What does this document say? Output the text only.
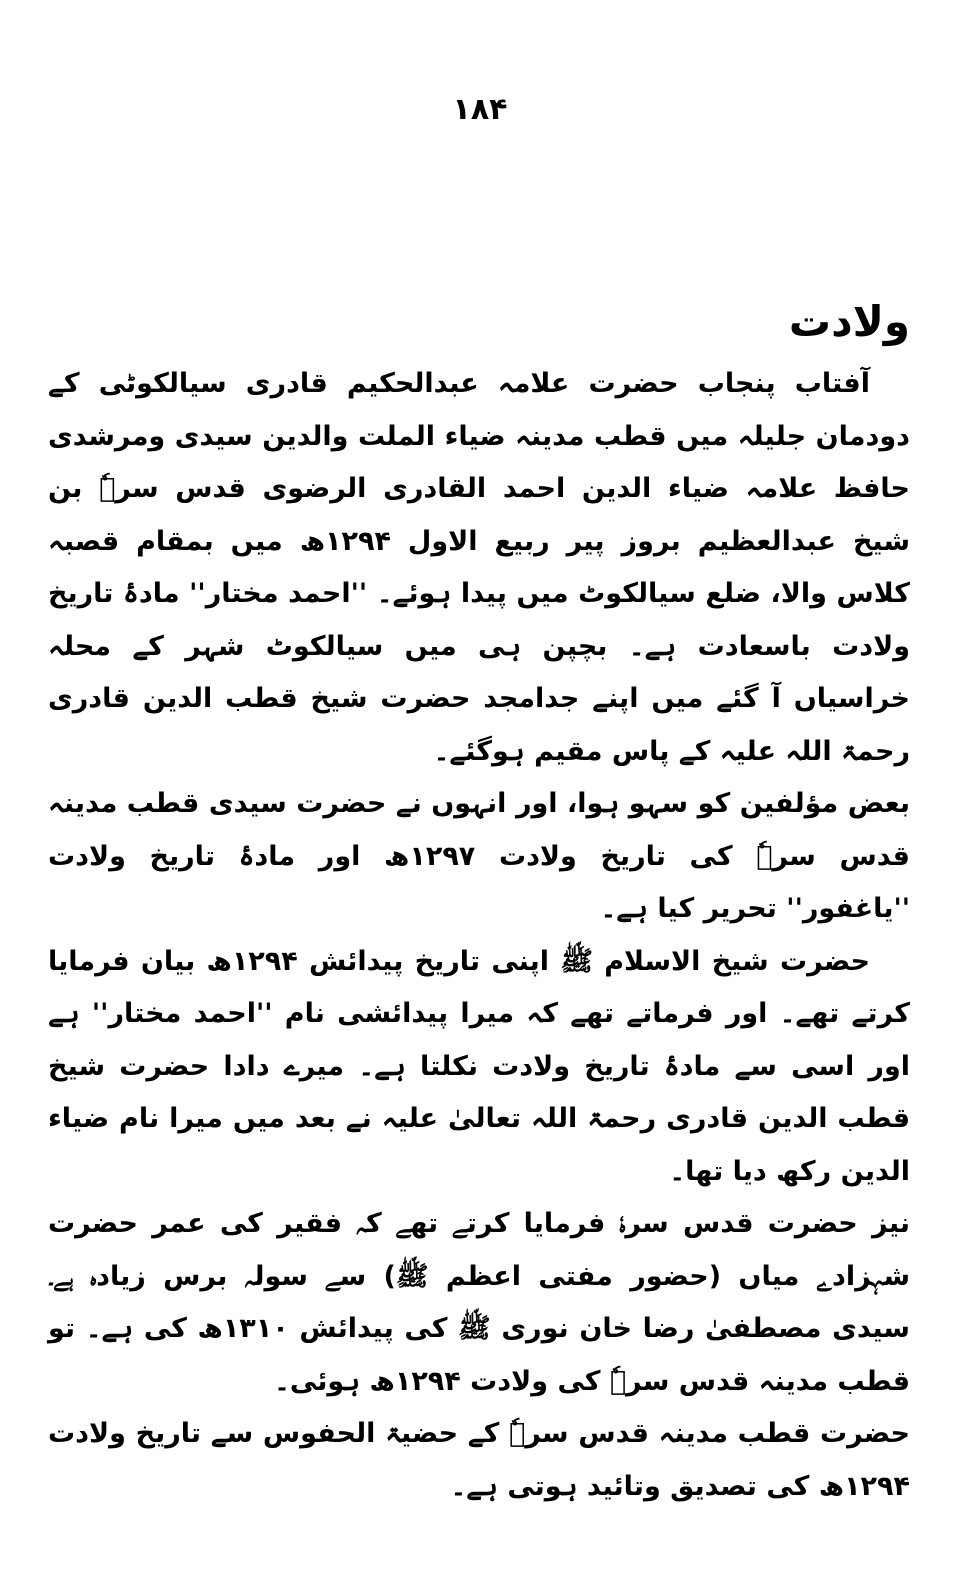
۱۸۴
ولادت

آفتاب پنجاب حضرت علامہ عبدالحکیم قادری سیالکوٹی کے دودمان جلیلہ میں قطب مدینہ ضیاء الملت والدین سیدی ومرشدی حافظ علامہ ضیاء الدین احمد القادری الرضوی قدس سرہٗ بن شیخ عبدالعظیم بروز پیر ربیع الاول ۱۲۹۴ھ میں بمقام قصبہ کلاس والا، ضلع سیالکوٹ میں پیدا ہوئے۔ ''احمد مختار'' مادۂ تاریخ ولادت باسعادت ہے۔ بچپن ہی میں سیالکوٹ شہر کے محلہ خراسیاں آ گئے میں اپنے جدامجد حضرت شیخ قطب الدین قادری رحمۃ اللہ علیہ کے پاس مقیم ہوگئے۔

بعض مؤلفین کو سہو ہوا، اور انہوں نے حضرت سیدی قطب مدینہ قدس سرہٗ کی تاریخ ولادت ۱۲۹۷ھ اور مادۂ تاریخ ولادت ''یاغفور'' تحریر کیا ہے۔

حضرت شیخ الاسلام ﷺ اپنی تاریخ پیدائش ۱۲۹۴ھ بیان فرمایا کرتے تھے۔ اور فرماتے تھے کہ میرا پیدائشی نام ''احمد مختار'' ہے اور اسی سے مادۂ تاریخ ولادت نکلتا ہے۔ میرے دادا حضرت شیخ قطب الدین قادری رحمۃ اللہ تعالیٰ علیہ نے بعد میں میرا نام ضیاء الدین رکھ دیا تھا۔

نیز حضرت قدس سرہٗ فرمایا کرتے تھے کہ فقیر کی عمر حضرت شہزادے میاں (حضور مفتی اعظم ﷺ) سے سولہ برس زیادہ ہے۔ سیدی مصطفیٰ رضا خان نوری ﷺ کی پیدائش ۱۳۱۰ھ کی ہے۔ تو قطب مدینہ قدس سرہٗ کی ولادت ۱۲۹۴ھ ہوئی۔

حضرت قطب مدینہ قدس سرہٗ کے حضیۃ الحفوس سے تاریخ ولادت ۱۲۹۴ھ کی تصدیق وتائید ہوتی ہے۔
